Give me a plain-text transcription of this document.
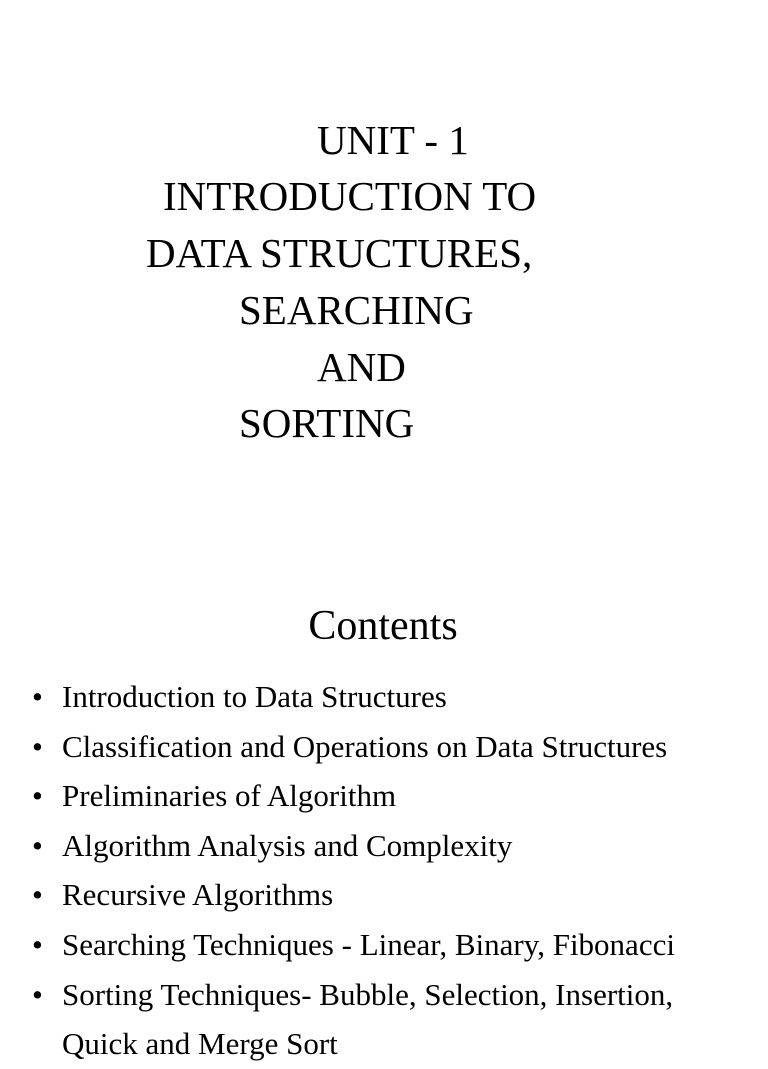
UNIT - 1
INTRODUCTION TO
DATA STRUCTURES,
SEARCHING
AND
SORTING
Contents
• Introduction to Data Structures
• Classification and Operations on Data Structures
• Preliminaries of Algorithm
• Algorithm Analysis and Complexity
• Recursive Algorithms
• Searching Techniques - Linear, Binary, Fibonacci
• Sorting Techniques- Bubble, Selection, Insertion,
Quick and Merge Sort
